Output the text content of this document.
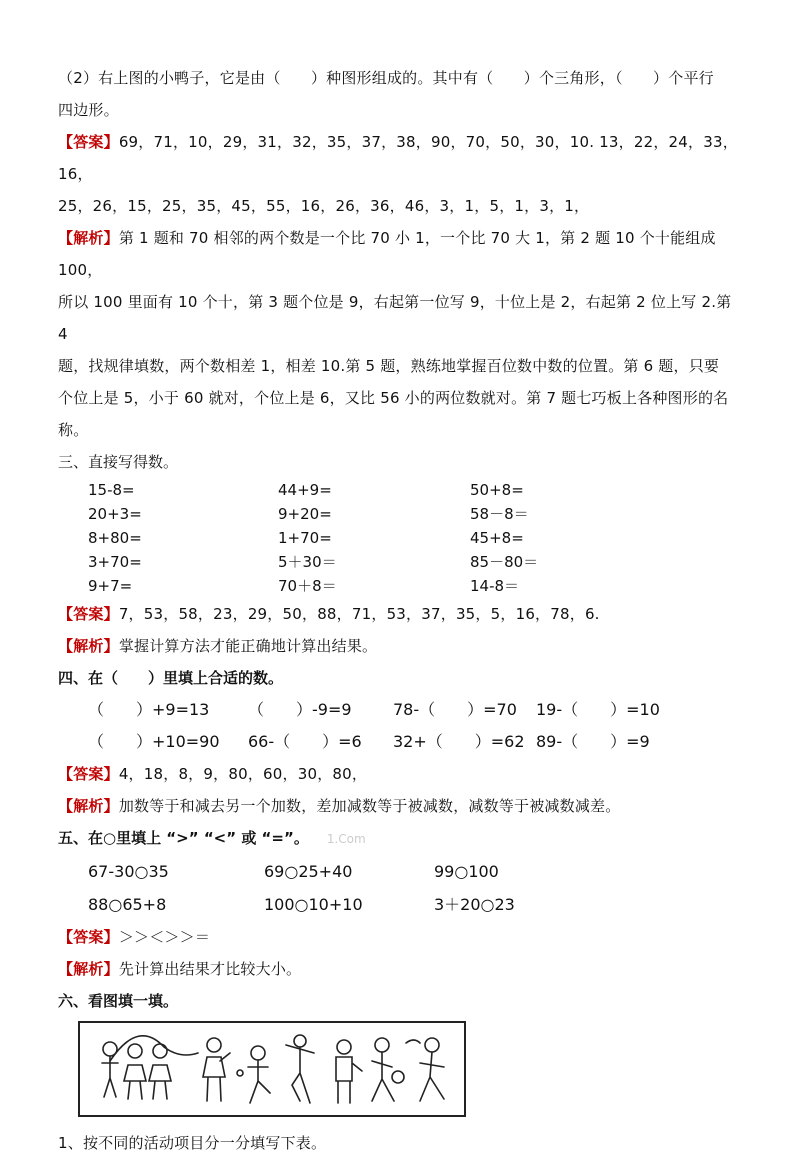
（2）右上图的小鸭子，它是由（　　）种图形组成的。其中有（　　）个三角形，（　　）个平行

四边形。

【答案】69，71，10，29，31，32，35，37，38，90，70，50，30，10. 13，22，24，33，16，

25，26，15，25，35，45，55，16，26，36，46，3，1，5，1，3，1，

【解析】第 1 题和 70 相邻的两个数是一个比 70 小 1，一个比 70 大 1，第 2 题 10 个十能组成 100，

所以 100 里面有 10 个十，第 3 题个位是 9，右起第一位写 9，十位上是 2，右起第 2 位上写 2.第 4

题，找规律填数，两个数相差 1，相差 10.第 5 题，熟练地掌握百位数中数的位置。第 6 题，只要

个位上是 5，小于 60 就对，个位上是 6，又比 56 小的两位数就对。第 7 题七巧板上各种图形的名

称。

三、直接写得数。

15-8=	44+9=	50+8=
20+3=	9+20=	58－8＝
8+80=	1+70=	45+8=
3+70=	5＋30＝	85－80＝
9+7=	70＋8＝	14-8＝

【答案】7，53，58，23，29，50，88，71，53，37，35，5，16，78，6.

【解析】掌握计算方法才能正确地计算出结果。

四、在（　　）里填上合适的数。

（　　）+9=13	（　　）-9=9	78-（　　）=70	19-（　　）=10
（　　）+10=90	66-（　　）=6	32+（　　）=62 89-（　　）=9

【答案】4，18，8，9，80，60，30，80，

【解析】加数等于和减去另一个加数，差加减数等于被减数，减数等于被减数减差。

五、在○里填上 “>” “<” 或 “=”。 1.Com

67-30○35	69○25+40	99○100
88○65+8	100○10+10	3＋20○23

【答案】＞＞＜＞＞＝

【解析】先计算出结果才比较大小。

六、看图填一填。

1、按不同的活动项目分一分填写下表。
